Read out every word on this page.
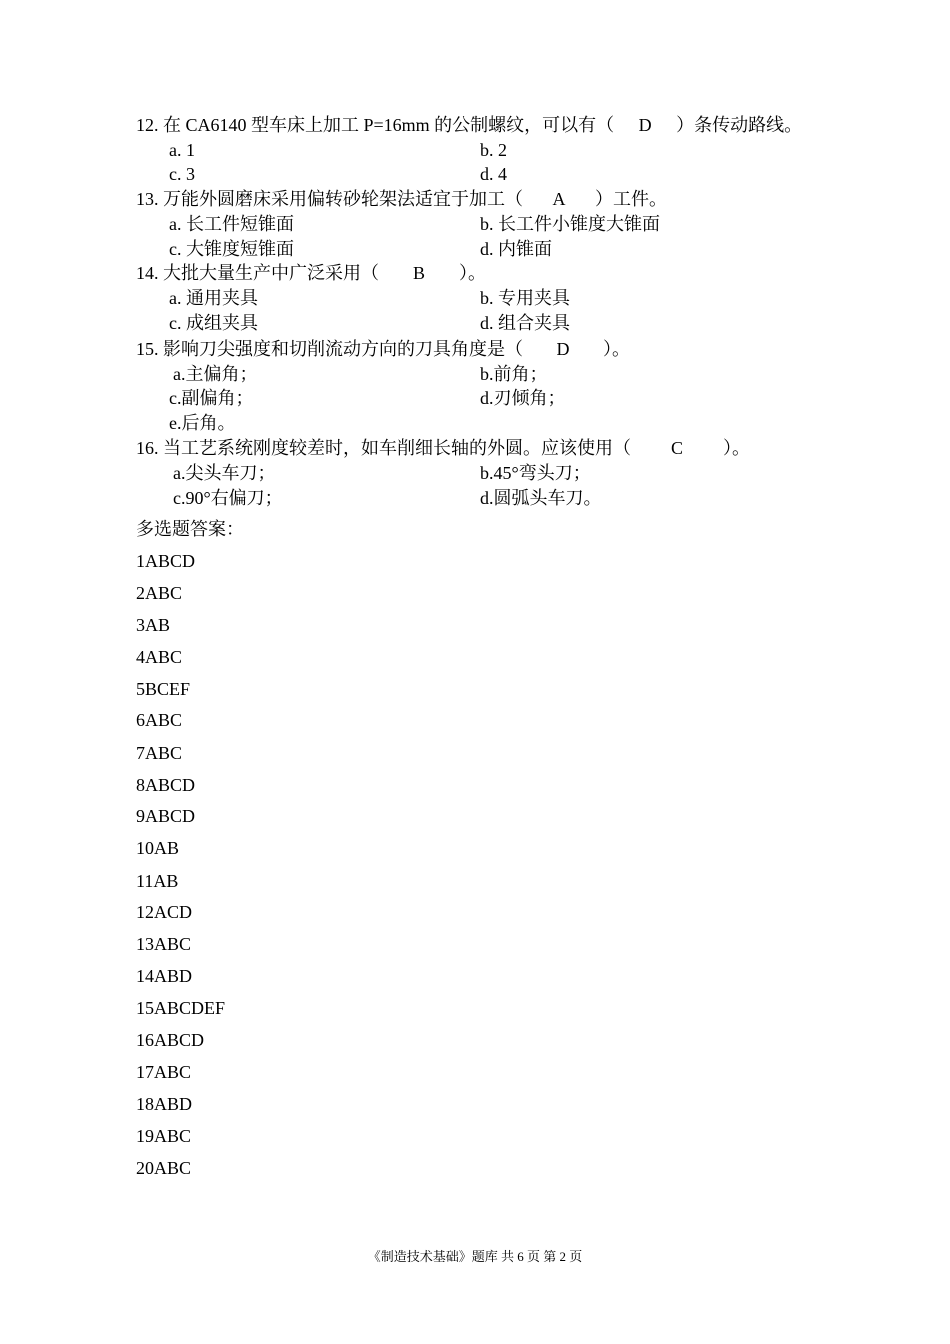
12. 在 CA6140 型车床上加工 P=16mm 的公制螺纹，可以有（ D ）条传动路线。
a. 1	b. 2
c. 3	d. 4
13. 万能外圆磨床采用偏转砂轮架法适宜于加工（ A ）工件。
a. 长工件短锥面	b. 长工件小锥度大锥面
c. 大锥度短锥面	d. 内锥面
14. 大批大量生产中广泛采用（ B ）。
a. 通用夹具	b. 专用夹具
c. 成组夹具	d. 组合夹具
15. 影响刀尖强度和切削流动方向的刀具角度是（ D ）。
a.主偏角；	b.前角；
c.副偏角；	d.刃倾角；
e.后角。
16. 当工艺系统刚度较差时，如车削细长轴的外圆。应该使用（ C ）。
a.尖头车刀；	b.45°弯头刀；
c.90°右偏刀；	d.圆弧头车刀。
多选题答案：
1ABCD
2ABC
3AB
4ABC
5BCEF
6ABC
7ABC
8ABCD
9ABCD
10AB
11AB
12ACD
13ABC
14ABD
15ABCDEF
16ABCD
17ABC
18ABD
19ABC
20ABC
《制造技术基础》题库 共 6 页 第 2 页
